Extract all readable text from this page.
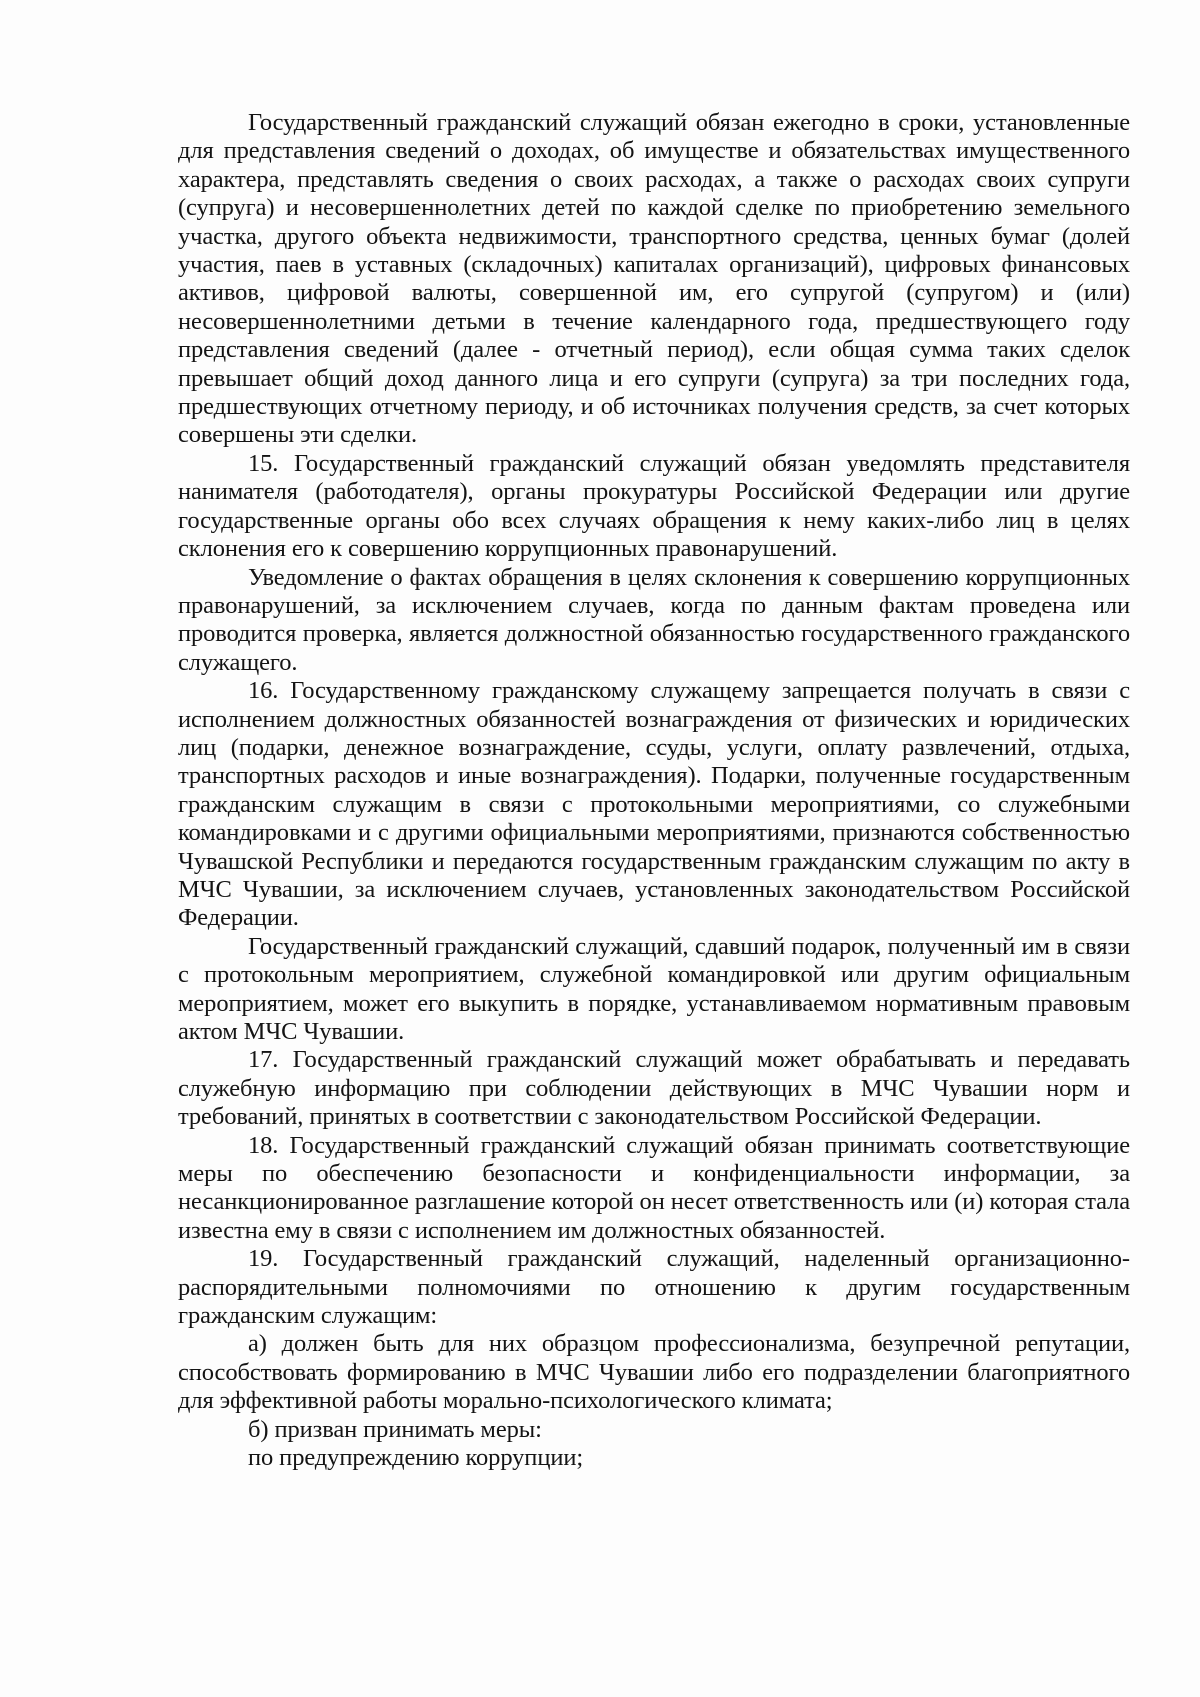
Государственный гражданский служащий обязан ежегодно в сроки, установленные для представления сведений о доходах, об имуществе и обязательствах имущественного характера, представлять сведения о своих расходах, а также о расходах своих супруги (супруга) и несовершеннолетних детей по каждой сделке по приобретению земельного участка, другого объекта недвижимости, транспортного средства, ценных бумаг (долей участия, паев в уставных (складочных) капиталах организаций), цифровых финансовых активов, цифровой валюты, совершенной им, его супругой (супругом) и (или) несовершеннолетними детьми в течение календарного года, предшествующего году представления сведений (далее - отчетный период), если общая сумма таких сделок превышает общий доход данного лица и его супруги (супруга) за три последних года, предшествующих отчетному периоду, и об источниках получения средств, за счет которых совершены эти сделки.

15. Государственный гражданский служащий обязан уведомлять представителя нанимателя (работодателя), органы прокуратуры Российской Федерации или другие государственные органы обо всех случаях обращения к нему каких-либо лиц в целях склонения его к совершению коррупционных правонарушений.

Уведомление о фактах обращения в целях склонения к совершению коррупционных правонарушений, за исключением случаев, когда по данным фактам проведена или проводится проверка, является должностной обязанностью государственного гражданского служащего.

16. Государственному гражданскому служащему запрещается получать в связи с исполнением должностных обязанностей вознаграждения от физических и юридических лиц (подарки, денежное вознаграждение, ссуды, услуги, оплату развлечений, отдыха, транспортных расходов и иные вознаграждения). Подарки, полученные государственным гражданским служащим в связи с протокольными мероприятиями, со служебными командировками и с другими официальными мероприятиями, признаются собственностью Чувашской Республики и передаются государственным гражданским служащим по акту в МЧС Чувашии, за исключением случаев, установленных законодательством Российской Федерации.

Государственный гражданский служащий, сдавший подарок, полученный им в связи с протокольным мероприятием, служебной командировкой или другим официальным мероприятием, может его выкупить в порядке, устанавливаемом нормативным правовым актом МЧС Чувашии.

17. Государственный гражданский служащий может обрабатывать и передавать служебную информацию при соблюдении действующих в МЧС Чувашии норм и требований, принятых в соответствии с законодательством Российской Федерации.

18. Государственный гражданский служащий обязан принимать соответствующие меры по обеспечению безопасности и конфиденциальности информации, за несанкционированное разглашение которой он несет ответственность или (и) которая стала известна ему в связи с исполнением им должностных обязанностей.

19. Государственный гражданский служащий, наделенный организационно-распорядительными полномочиями по отношению к другим государственным гражданским служащим:

а) должен быть для них образцом профессионализма, безупречной репутации, способствовать формированию в МЧС Чувашии либо его подразделении благоприятного для эффективной работы морально-психологического климата;

б) призван принимать меры:

по предупреждению коррупции;
